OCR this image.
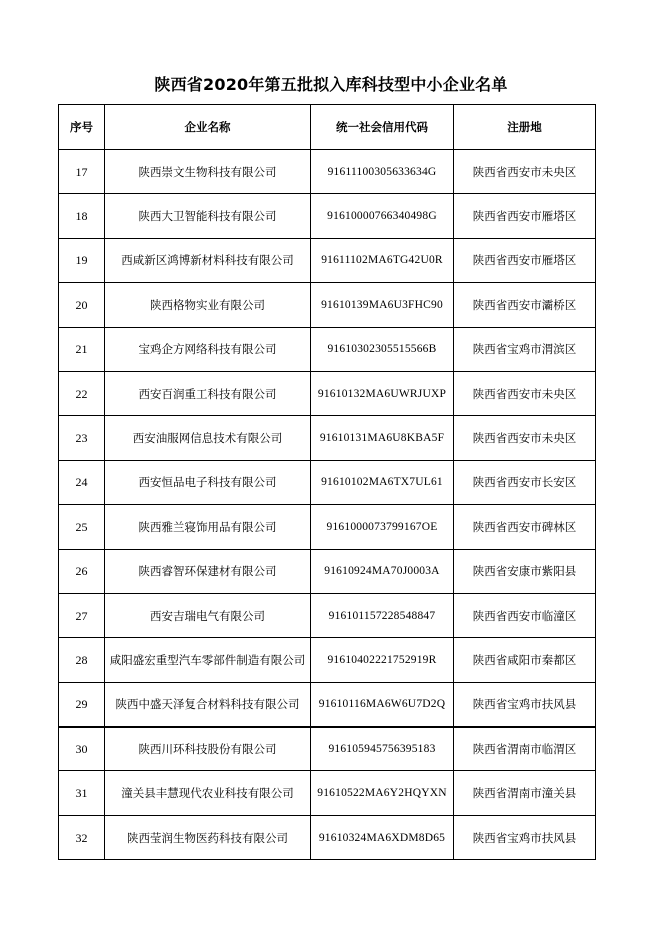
陕西省2020年第五批拟入库科技型中小企业名单
序号	企业名称	统一社会信用代码	注册地
17	陕西崇文生物科技有限公司	91611100305633634G	陕西省西安市未央区
18	陕西大卫智能科技有限公司	91610000766340498G	陕西省西安市雁塔区
19	西咸新区鸿博新材料科技有限公司	91611102MA6TG42U0R	陕西省西安市雁塔区
20	陕西格物实业有限公司	91610139MA6U3FHC90	陕西省西安市灞桥区
21	宝鸡企方网络科技有限公司	91610302305515566B	陕西省宝鸡市渭滨区
22	西安百润重工科技有限公司	91610132MA6UWRJUXP	陕西省西安市未央区
23	西安油服网信息技术有限公司	91610131MA6U8KBA5F	陕西省西安市未央区
24	西安恒品电子科技有限公司	91610102MA6TX7UL61	陕西省西安市长安区
25	陕西雅兰寝饰用品有限公司	9161000073799167OE	陕西省西安市碑林区
26	陕西睿智环保建材有限公司	91610924MA70J0003A	陕西省安康市紫阳县
27	西安吉瑞电气有限公司	91610115722854884​7	陕西省西安市临潼区
28	咸阳盛宏重型汽车零部件制造有限公司	91610402221752919R	陕西省咸阳市秦都区
29	陕西中盛天泽复合材料科技有限公司	91610116MA6W6U7D2Q	陕西省宝鸡市扶风县
30	陕西川环科技股份有限公司	916105945756395183	陕西省渭南市临渭区
31	潼关县丰慧现代农业科技有限公司	91610522MA6Y2HQYXN	陕西省渭南市潼关县
32	陕西莹润生物医药科技有限公司	91610324MA6XDM8D65	陕西省宝鸡市扶风县
